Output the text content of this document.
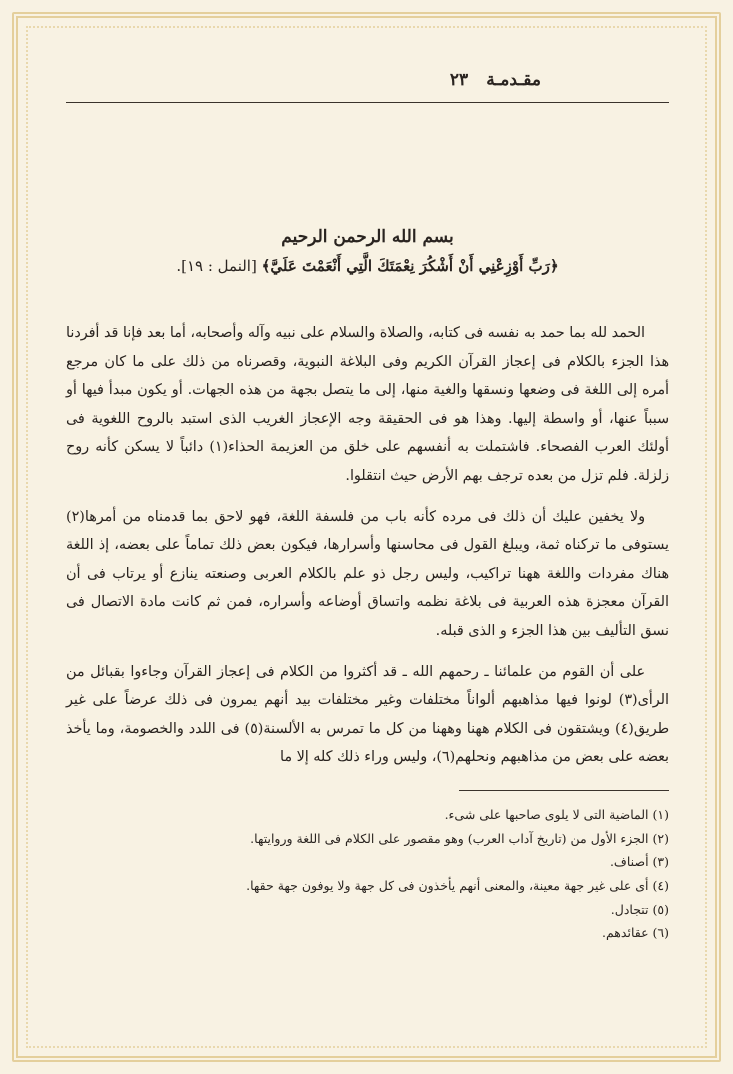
مقـدمـة
٢٣
بسم الله الرحمن الرحيم
﴿رَبِّ أَوْزِعْنِي أَنْ أَشْكُرَ نِعْمَتَكَ الَّتِي أَنْعَمْتَ عَلَيَّ﴾ [النمل : ١٩].

الحمد لله بما حمد به نفسه فى كتابه، والصلاة والسلام على نبيه وآله وأصحابه، أما بعد فإنا قد أفردنا هذا الجزء بالكلام فى إعجاز القرآن الكريم وفى البلاغة النبوية، وقصرناه من ذلك على ما كان مرجع أمره إلى اللغة فى وضعها ونسقها والغية منها، إلى ما يتصل بجهة من هذه الجهات. أو يكون مبدأ فيها أو سبباً عنها، أو واسطة إليها. وهذا هو فى الحقيقة وجه الإعجاز الغريب الذى استبد بالروح اللغوية فى أولئك العرب الفصحاء. فاشتملت به أنفسهم على خلق من العزيمة الحذاء(١) دائباً لا يسكن كأنه روح زلزلة. فلم تزل من بعده ترجف بهم الأرض حيث انتقلوا.

ولا يخفين عليك أن ذلك فى مرده كأنه باب من فلسفة اللغة، فهو لاحق بما قدمناه من أمرها(٢) يستوفى ما تركناه ثمة، ويبلغ القول فى محاسنها وأسرارها، فيكون بعض ذلك تماماً على بعضه، إذ اللغة هناك مفردات واللغة ههنا تراكيب، وليس رجل ذو علم بالكلام العربى وصنعته ينازع أو يرتاب فى أن القرآن معجزة هذه العربية فى بلاغة نظمه واتساق أوضاعه وأسراره، فمن ثم كانت مادة الاتصال فى نسق التأليف بين هذا الجزء و الذى قبله.

على أن القوم من علمائنا ـ رحمهم الله ـ قد أكثروا من الكلام فى إعجاز القرآن وجاءوا بقبائل من الرأى(٣) لونوا فيها مذاهبهم ألواناً مختلفات وغير مختلفات بيد أنهم يمرون فى ذلك عرضاً على غير طريق(٤) ويشتقون فى الكلام ههنا وههنا من كل ما تمرس به الألسنة(٥) فى اللدد والخصومة، وما يأخذ بعضه على بعض من مذاهبهم ونحلهم(٦)، وليس وراء ذلك كله إلا ما

(١) الماضية التى لا يلوى صاحبها على شىء.

(٢) الجزء الأول من (تاريخ آداب العرب) وهو مقصور على الكلام فى اللغة وروايتها.

(٣) أصناف.

(٤) أى على غير جهة معينة، والمعنى أنهم يأخذون فى كل جهة ولا يوفون جهة حقها.

(٥) تتجادل.

(٦) عقائدهم.
